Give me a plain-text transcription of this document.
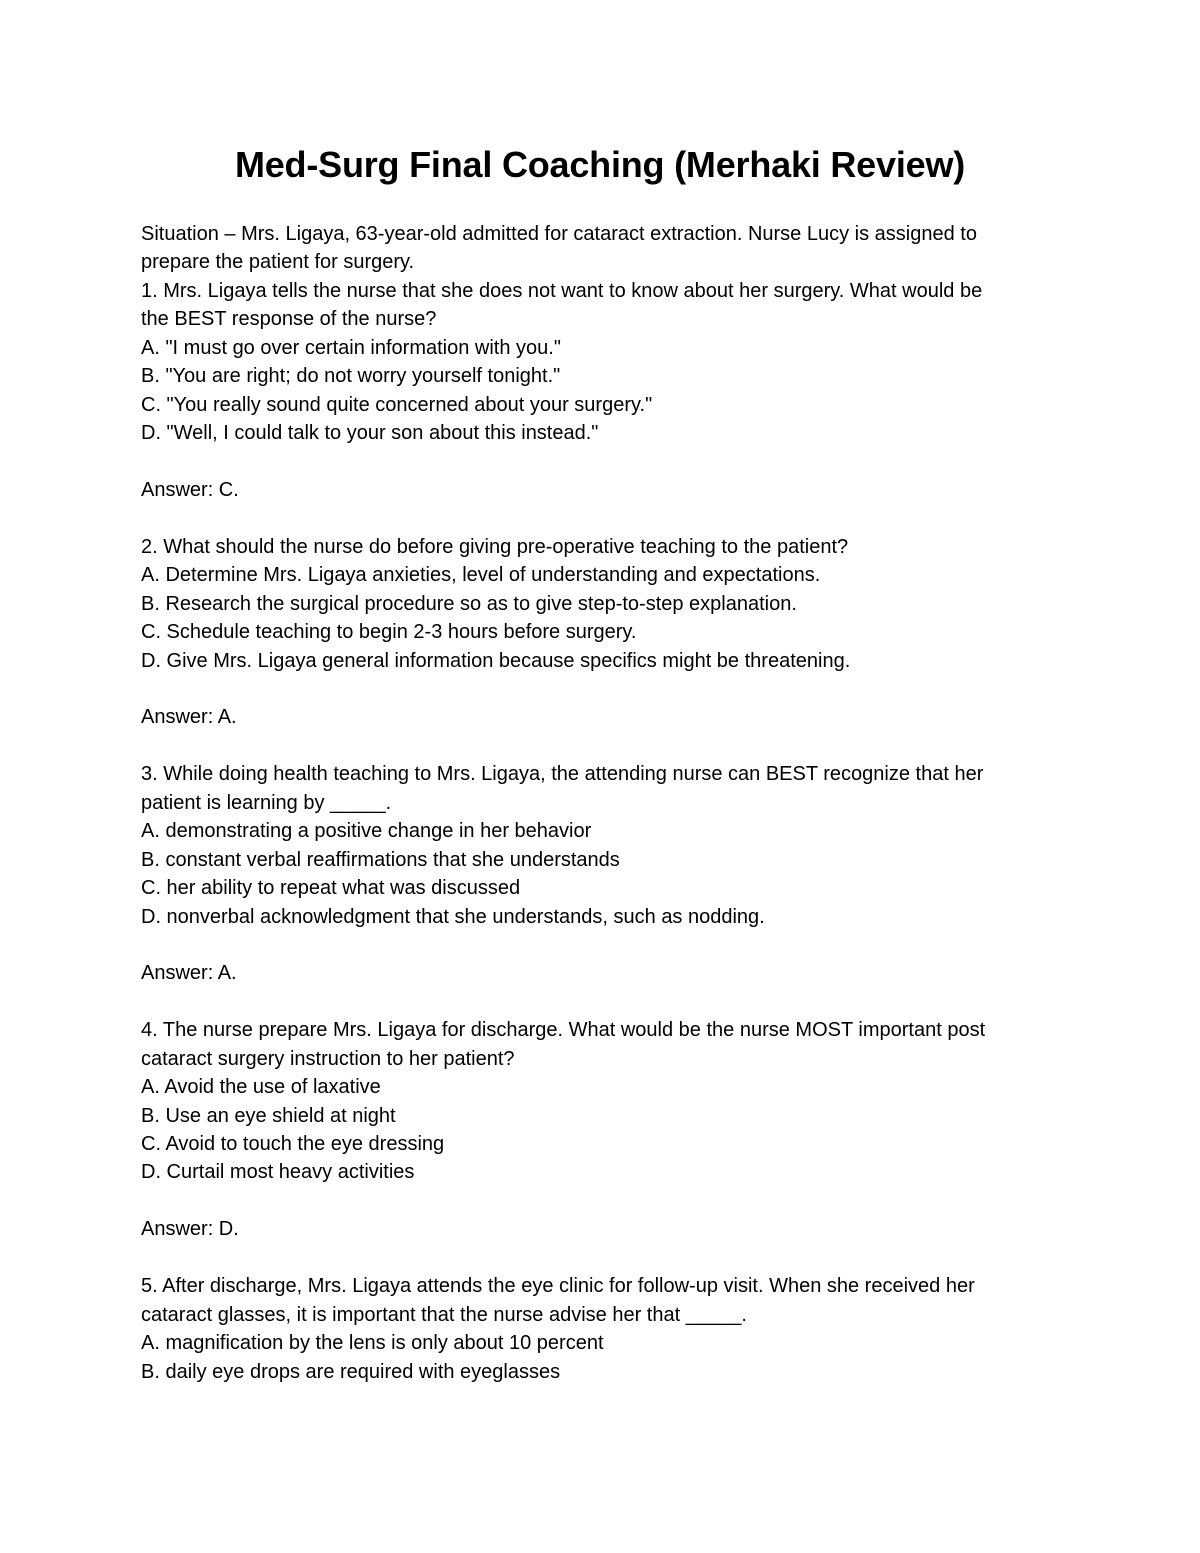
Med-Surg Final Coaching (Merhaki Review)
Situation – Mrs. Ligaya, 63-year-old admitted for cataract extraction. Nurse Lucy is assigned to
prepare the patient for surgery.
1. Mrs. Ligaya tells the nurse that she does not want to know about her surgery. What would be
the BEST response of the nurse?
A. "I must go over certain information with you."
B. "You are right; do not worry yourself tonight."
C. "You really sound quite concerned about your surgery."
D. "Well, I could talk to your son about this instead."
Answer: C.
2. What should the nurse do before giving pre-operative teaching to the patient?
A. Determine Mrs. Ligaya anxieties, level of understanding and expectations.
B. Research the surgical procedure so as to give step-to-step explanation.
C. Schedule teaching to begin 2-3 hours before surgery.
D. Give Mrs. Ligaya general information because specifics might be threatening.
Answer: A.
3. While doing health teaching to Mrs. Ligaya, the attending nurse can BEST recognize that her
patient is learning by _____.
A. demonstrating a positive change in her behavior
B. constant verbal reaffirmations that she understands
C. her ability to repeat what was discussed
D. nonverbal acknowledgment that she understands, such as nodding.
Answer: A.
4. The nurse prepare Mrs. Ligaya for discharge. What would be the nurse MOST important post
cataract surgery instruction to her patient?
A. Avoid the use of laxative
B. Use an eye shield at night
C. Avoid to touch the eye dressing
D. Curtail most heavy activities
Answer: D.
5. After discharge, Mrs. Ligaya attends the eye clinic for follow-up visit. When she received her
cataract glasses, it is important that the nurse advise her that _____.
A. magnification by the lens is only about 10 percent
B. daily eye drops are required with eyeglasses
